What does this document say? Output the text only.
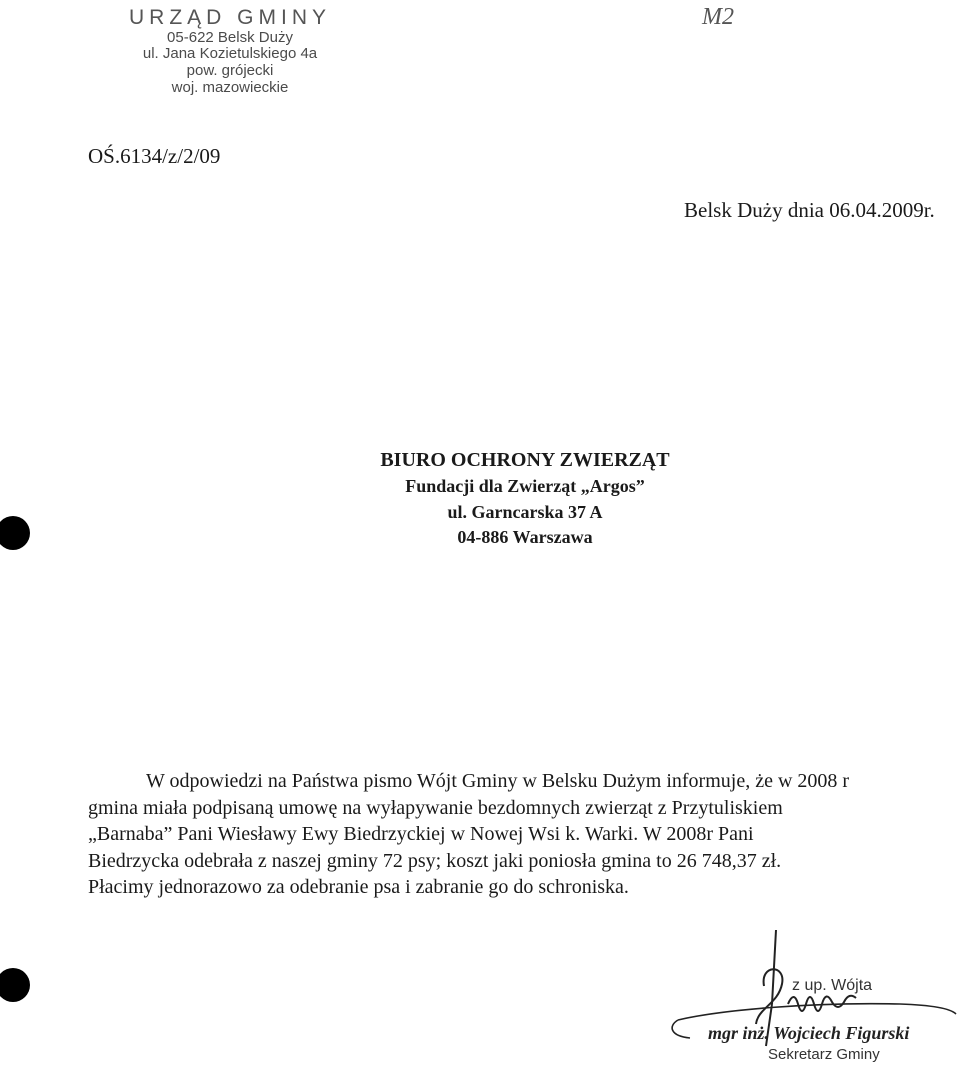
URZĄD GMINY
05-622 Belsk Duży
ul. Jana Kozietulskiego 4a
pow. grójecki
woj. mazowieckie
M2
OŚ.6134/z/2/09
Belsk Duży dnia 06.04.2009r.
BIURO OCHRONY ZWIERZĄT
Fundacji dla Zwierząt „Argos”
ul. Garncarska 37 A
04-886 Warszawa
W odpowiedzi na Państwa pismo Wójt Gminy w Belsku Dużym informuje, że w 2008 r
gmina miała podpisaną umowę na wyłapywanie bezdomnych zwierząt z Przytuliskiem
„Barnaba” Pani Wiesławy Ewy Biedrzyckiej w Nowej Wsi k. Warki. W 2008r Pani
Biedrzycka odebrała z naszej gminy 72 psy; koszt jaki poniosła gmina to 26 748,37 zł.
Płacimy jednorazowo za odebranie psa i zabranie go do schroniska.
z up. Wójta
mgr inż. Wojciech Figurski
Sekretarz Gminy
